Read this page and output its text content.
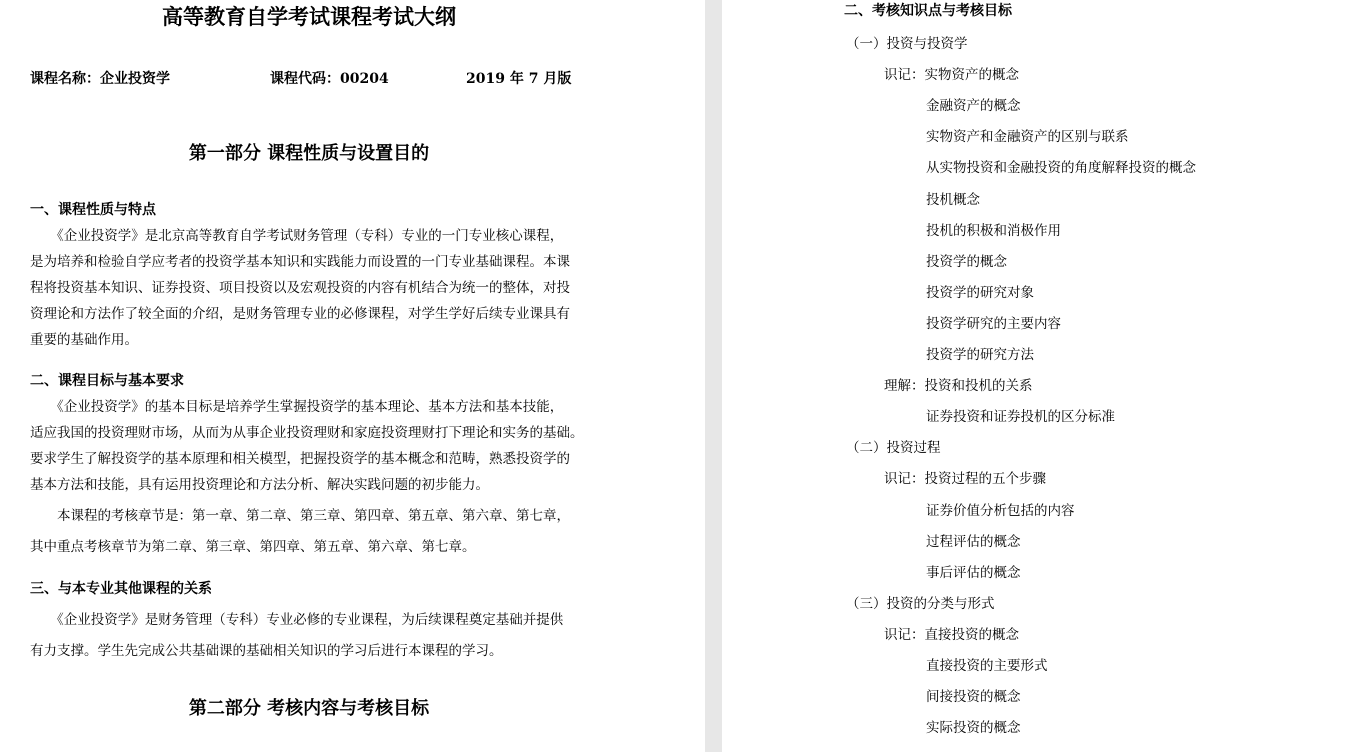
高等教育自学考试课程考试大纲
课程名称：企业投资学	课程代码：00204	2019 年 7 月版
第一部分 课程性质与设置目的
一、课程性质与特点
　　《企业投资学》是北京高等教育自学考试财务管理（专科）专业的一门专业核心课程，
是为培养和检验自学应考者的投资学基本知识和实践能力而设置的一门专业基础课程。本课
程将投资基本知识、证券投资、项目投资以及宏观投资的内容有机结合为统一的整体，对投
资理论和方法作了较全面的介绍，是财务管理专业的必修课程，对学生学好后续专业课具有
重要的基础作用。
二、课程目标与基本要求
　　《企业投资学》的基本目标是培养学生掌握投资学的基本理论、基本方法和基本技能，
适应我国的投资理财市场，从而为从事企业投资理财和家庭投资理财打下理论和实务的基础。
要求学生了解投资学的基本原理和相关模型，把握投资学的基本概念和范畴，熟悉投资学的
基本方法和技能，具有运用投资理论和方法分析、解决实践问题的初步能力。
　　本课程的考核章节是：第一章、第二章、第三章、第四章、第五章、第六章、第七章，
其中重点考核章节为第二章、第三章、第四章、第五章、第六章、第七章。
三、与本专业其他课程的关系
　　《企业投资学》是财务管理（专科）专业必修的专业课程，为后续课程奠定基础并提供
有力支撑。学生先完成公共基础课的基础相关知识的学习后进行本课程的学习。
第二部分 考核内容与考核目标
二、考核知识点与考核目标
（一）投资与投资学
识记：实物资产的概念
金融资产的概念
实物资产和金融资产的区别与联系
从实物投资和金融投资的角度解释投资的概念
投机概念
投机的积极和消极作用
投资学的概念
投资学的研究对象
投资学研究的主要内容
投资学的研究方法
理解：投资和投机的关系
证券投资和证券投机的区分标准
（二）投资过程
识记：投资过程的五个步骤
证券价值分析包括的内容
过程评估的概念
事后评估的概念
（三）投资的分类与形式
识记：直接投资的概念
直接投资的主要形式
间接投资的概念
实际投资的概念
